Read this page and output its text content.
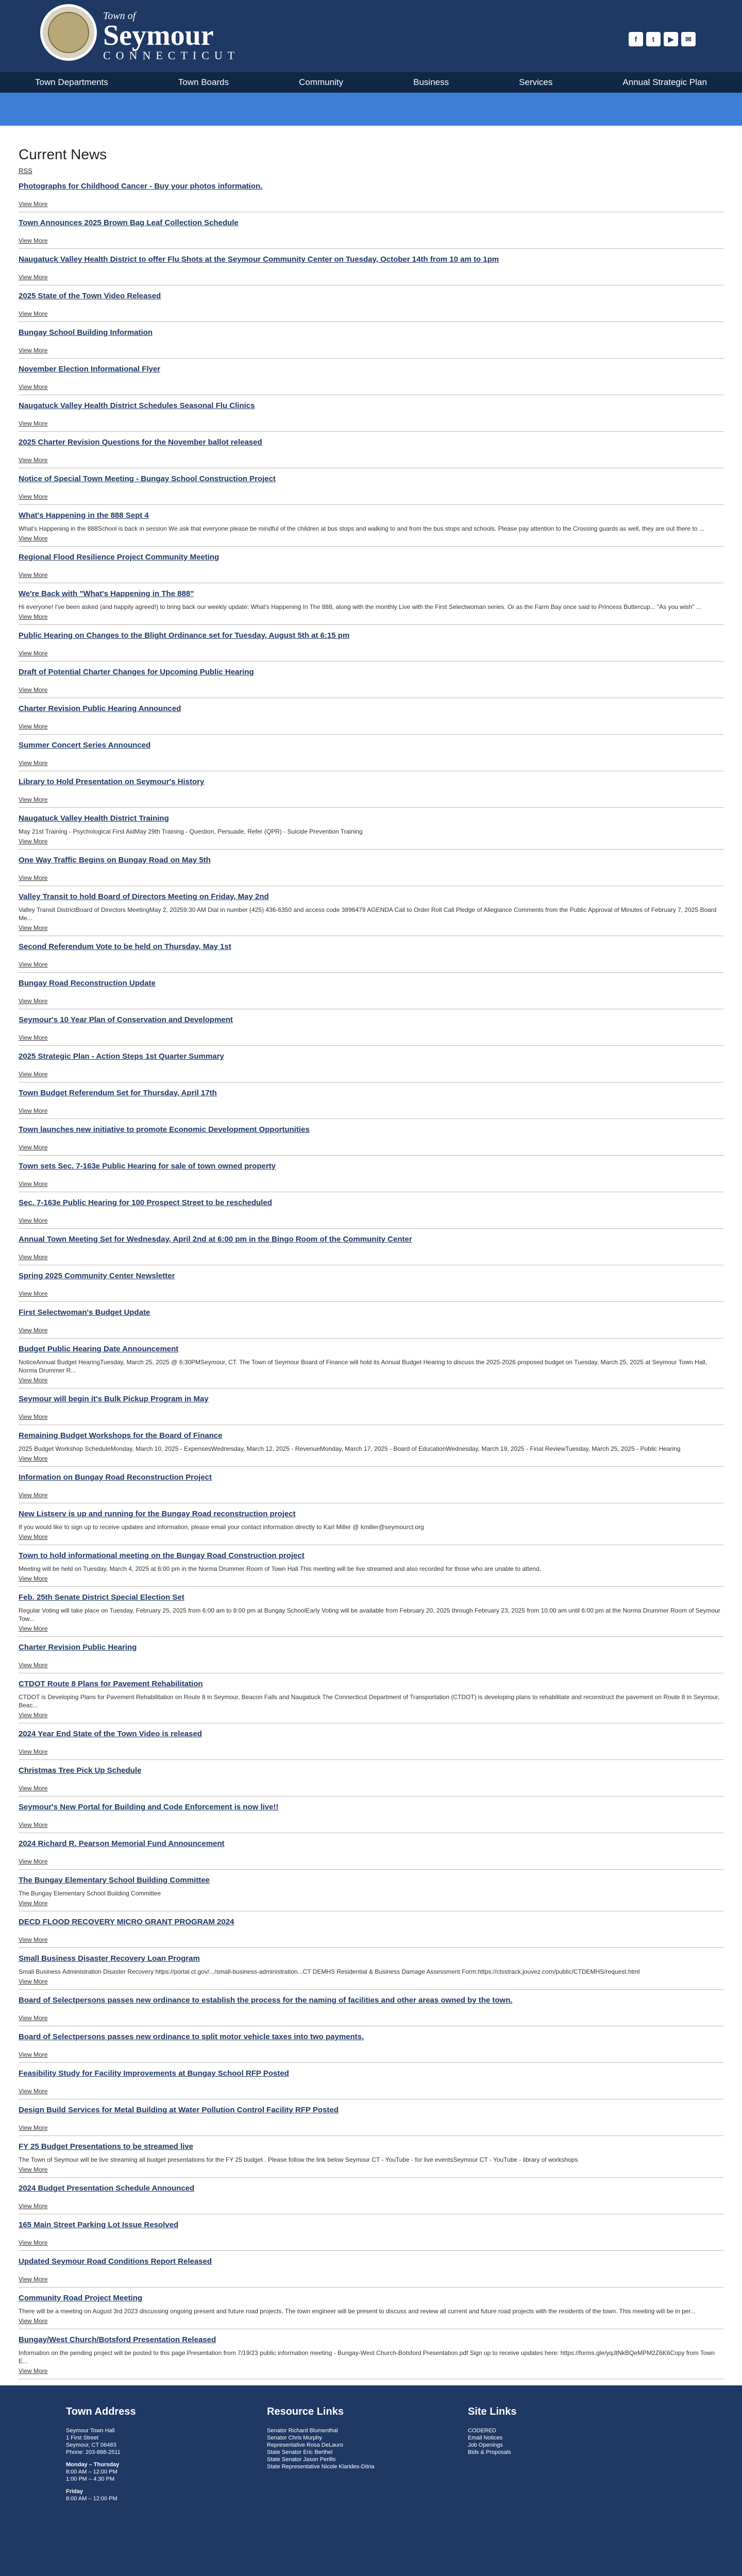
Town of
Seymour
CONNECTICUT
f	t	▶	✉
Town Departments	Town Boards	Community	Business	Services	Annual Strategic Plan
Current News
RSS
Photographs for Childhood Cancer - Buy your photos information.
View More
Town Announces 2025 Brown Bag Leaf Collection Schedule
View More
Naugatuck Valley Health District to offer Flu Shots at the Seymour Community Center on Tuesday, October 14th from 10 am to 1pm
View More
2025 State of the Town Video Released
View More
Bungay School Building Information
View More
November Election Informational Flyer
View More
Naugatuck Valley Health District Schedules Seasonal Flu Clinics
View More
2025 Charter Revision Questions for the November ballot released
View More
Notice of Special Town Meeting - Bungay School Construction Project
View More
What's Happening in the 888 Sept 4

What's Happening in the 888School is back in session We ask that everyone please be mindful of the children at bus stops and walking to and from the bus stops and schools. Please pay attention to the Crossing guards as well, they are out there to ...

View More
Regional Flood Resilience Project Community Meeting
View More
We're Back with "What's Happening in The 888"

Hi everyone! I've been asked (and happily agreed!) to bring back our weekly update: What's Happening In The 888, along with the monthly Live with the First Selectwoman series. Or as the Farm Bay once said to Princess Buttercup... "As you wish" ...

View More
Public Hearing on Changes to the Blight Ordinance set for Tuesday, August 5th at 6:15 pm
View More
Draft of Potential Charter Changes for Upcoming Public Hearing
View More
Charter Revision Public Hearing Announced
View More
Summer Concert Series Announced
View More
Library to Hold Presentation on Seymour's History
View More
Naugatuck Valley Health District Training

May 21st Training - Psychological First AidMay 29th Training - Question, Persuade, Refer (QPR) - Suicide Prevention Training

View More
One Way Traffic Begins on Bungay Road on May 5th
View More
Valley Transit to hold Board of Directors Meeting on Friday, May 2nd

Valley Transit DistrictBoard of Directors MeetingMay 2, 20259:30 AM Dial in number (425) 436-6350 and access code 3896479 AGENDA Call to Order Roll Call Pledge of Allegiance Comments from the Public Approval of Minutes of February 7, 2025 Board Me...

View More
Second Referendum Vote to be held on Thursday, May 1st
View More
Bungay Road Reconstruction Update
View More
Seymour's 10 Year Plan of Conservation and Development
View More
2025 Strategic Plan - Action Steps 1st Quarter Summary
View More
Town Budget Referendum Set for Thursday, April 17th
View More
Town launches new initiative to promote Economic Development Opportunities
View More
Town sets Sec. 7-163e Public Hearing for sale of town owned property
View More
Sec. 7-163e Public Hearing for 100 Prospect Street to be rescheduled
View More
Annual Town Meeting Set for Wednesday, April 2nd at 6:00 pm in the Bingo Room of the Community Center
View More
Spring 2025 Community Center Newsletter
View More
First Selectwoman's Budget Update
View More
Budget Public Hearing Date Announcement

NoticeAnnual Budget HearingTuesday, March 25, 2025 @ 6:30PMSeymour, CT. The Town of Seymour Board of Finance will hold its Annual Budget Hearing to discuss the 2025-2026 proposed budget on Tuesday, March 25, 2025 at Seymour Town Hall, Norma Drummer R...

View More
Seymour will begin it's Bulk Pickup Program in May
View More
Remaining Budget Workshops for the Board of Finance

2025 Budget Workshop ScheduleMonday, March 10, 2025 - ExpensesWednesday, March 12, 2025 - RevenueMonday, March 17, 2025 - Board of EducationWednesday, March 19, 2025 - Final ReviewTuesday, March 25, 2025 - Public Hearing

View More
Information on Bungay Road Reconstruction Project
View More
New Listserv is up and running for the Bungay Road reconstruction project

If you would like to sign up to receive updates and information, please email your contact information directly to Karl Miller @ kmiller@seymourct.org

View More
Town to hold informational meeting on the Bungay Road Construction project

Meeting will be held on Tuesday, March 4, 2025 at 6:00 pm in the Norma Drummer Room of Town Hall.This meeting will be live streamed and also recorded for those who are unable to attend.

View More
Feb. 25th Senate District Special Election Set

Regular Voting will take place on Tuesday, February 25, 2025 from 6:00 am to 8:00 pm at Bungay SchoolEarly Voting will be available from February 20, 2025 through February 23, 2025 from 10:00 am until 6:00 pm at the Norma Drummer Room of Seymour Tow...

View More
Charter Revision Public Hearing
View More
CTDOT Route 8 Plans for Pavement Rehabilitation

CTDOT is Developing Plans for Pavement Rehabilitation on Route 8 in Seymour, Beacon Falls and Naugatuck The Connecticut Department of Transportation (CTDOT) is developing plans to rehabilitate and reconstruct the pavement on Route 8 in Seymour, Beac...

View More
2024 Year End State of the Town Video is released
View More
Christmas Tree Pick Up Schedule
View More
Seymour's New Portal for Building and Code Enforcement is now live!!
View More
2024 Richard R. Pearson Memorial Fund Announcement
View More
The Bungay Elementary School Building Committee

The Bungay Elementary School Building Committee

View More
DECD FLOOD RECOVERY MICRO GRANT PROGRAM 2024
View More
Small Business Disaster Recovery Loan Program

Small Business Administration Disaster Recovery https://portal.ct.gov/.../small-business-administration...CT DEMHS Residential & Business Damage Assessment Form:https://ctsstrack.jouvez.com/public/CTDEMHS/request.html

View More
Board of Selectpersons passes new ordinance to establish the process for the naming of facilities and other areas owned by the town.
View More
Board of Selectpersons passes new ordinance to split motor vehicle taxes into two payments.
View More
Feasibility Study for Facility Improvements at Bungay School RFP Posted
View More
Design Build Services for Metal Building at Water Pollution Control Facility RFP Posted
View More
FY 25 Budget Presentations to be streamed live

The Town of Seymour will be live streaming all budget presentations for the FY 25 budget . Please follow the link below Seymour CT - YouTube - for live eventsSeymour CT - YouTube - library of workshops

View More
2024 Budget Presentation Schedule Announced
View More
165 Main Street Parking Lot Issue Resolved
View More
Updated Seymour Road Conditions Report Released
View More
Community Road Project Meeting

There will be a meeting on August 3rd 2023 discussing ongoing present and future road projects. The town engineer will be present to discuss and review all current and future road projects with the residents of the town. This meeting will be in per...

View More
Bungay/West Church/Botsford Presentation Released

Information on the pending project will be posted to this page.Presentation from 7/19/23 public information meeting - Bungay-West Church-Botsford Presentation.pdf Sign up to receive updates here: https://forms.gle/yqJtNkBQeMPM2Z6K6Copy from Town E...

View More
Town Address

Seymour Town Hall

1 First Street

Seymour, CT 06483

Phone: 203-888-2511

Monday – Thursday

8:00 AM – 12:00 PM

1:00 PM – 4:30 PM

Friday

8:00 AM – 12:00 PM

Resource Links

Senator Richard Blumenthal

Senator Chris Murphy

Representative Rosa DeLauro

State Senator Eric Berthel

State Senator Jason Perillo

State Representative Nicole Klarides-Ditria

Site Links

CODERED

Email Notices

Job Openings

Bids & Proposals
